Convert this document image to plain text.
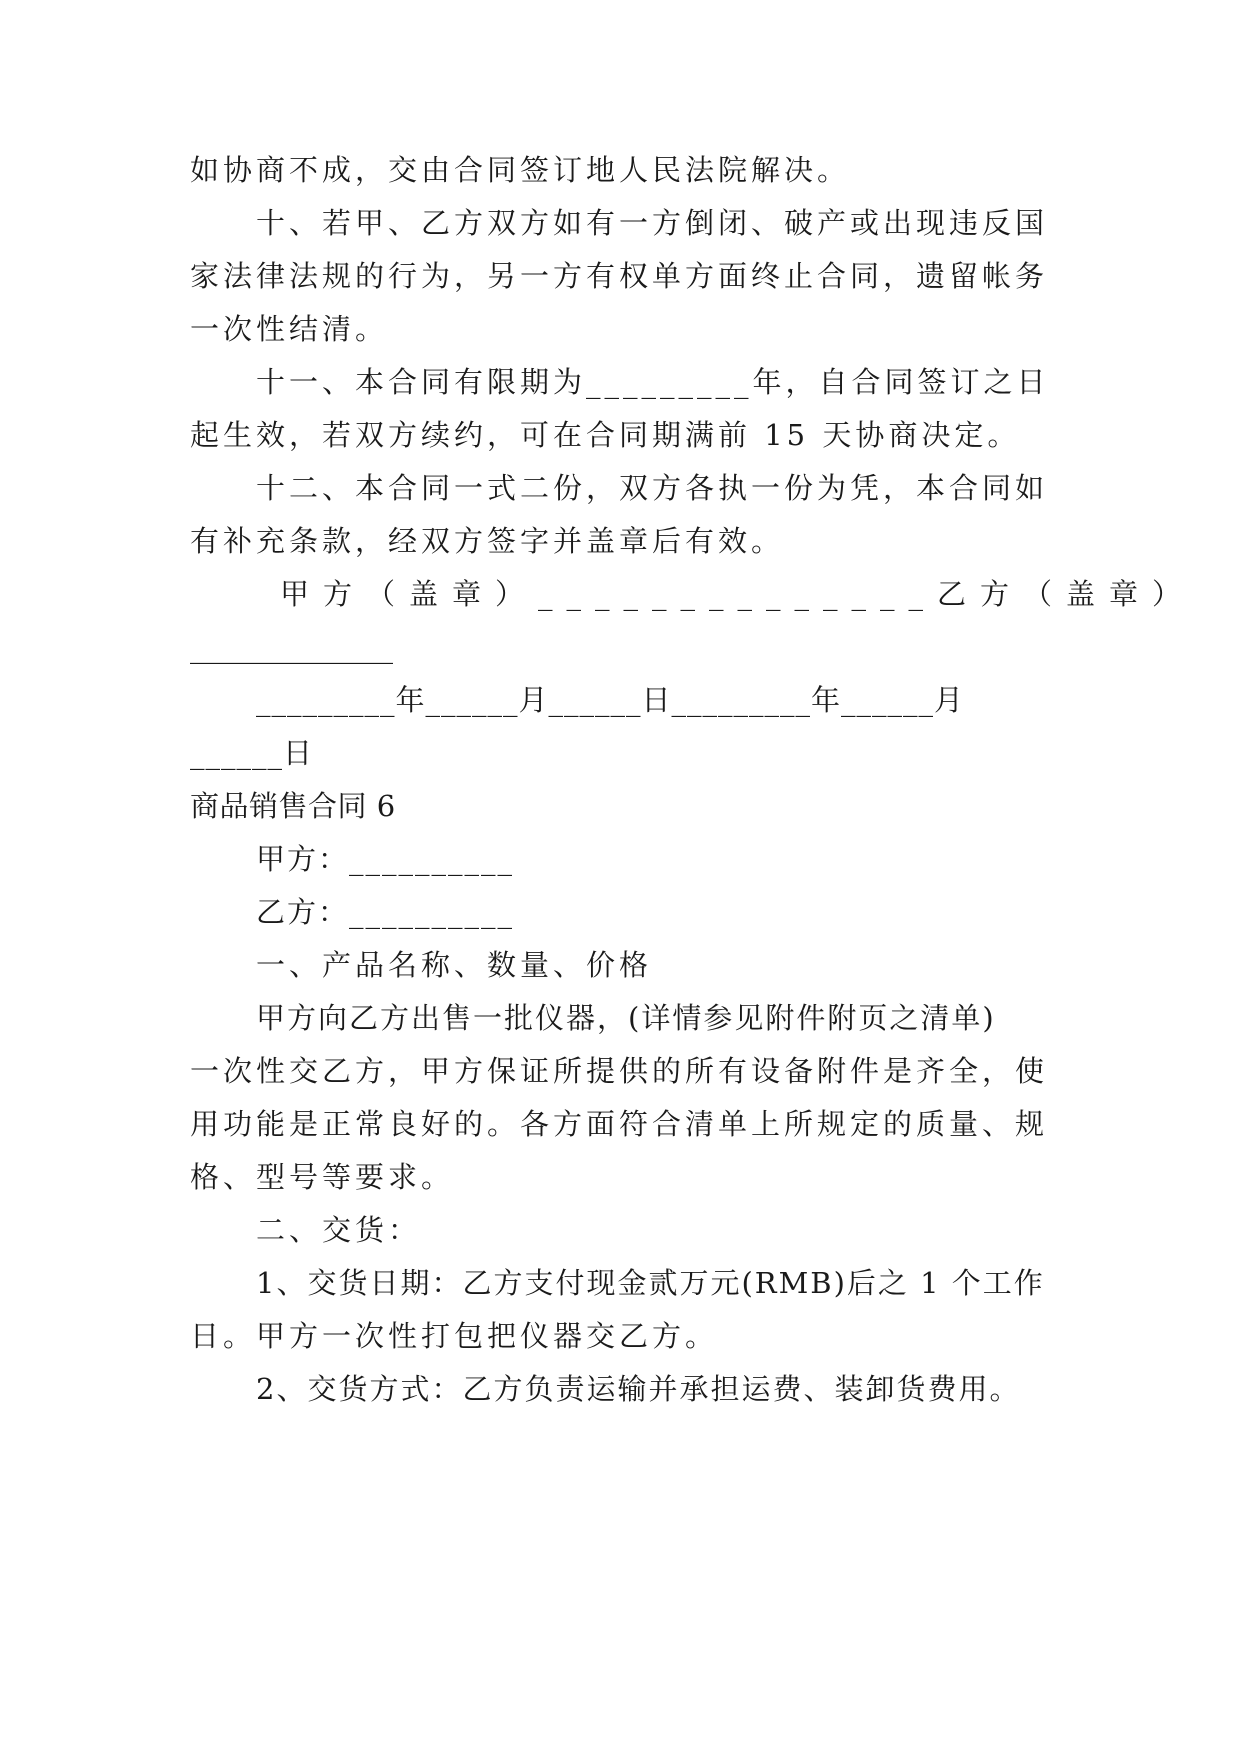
如协商不成，交由合同签订地人民法院解决。
十、若甲、乙方双方如有一方倒闭、破产或出现违反国
家法律法规的行为，另一方有权单方面终止合同，遗留帐务
一次性结清。
十一、本合同有限期为_________年，自合同签订之日
起生效，若双方续约，可在合同期满前 15 天协商决定。
十二、本合同一式二份，双方各执一份为凭，本合同如
有补充条款，经双方签字并盖章后有效。
甲方（盖章）______________乙方（盖章）
______________
_________年______月______日_________年______月
______日
商品销售合同 6
甲方：__________
乙方：__________
一、产品名称、数量、价格
甲方向乙方出售一批仪器，(详情参见附件附页之清单)
一次性交乙方，甲方保证所提供的所有设备附件是齐全，使
用功能是正常良好的。各方面符合清单上所规定的质量、规
格、型号等要求。
二、交货：
1、交货日期：乙方支付现金贰万元(RMB)后之 1 个工作
日。甲方一次性打包把仪器交乙方。
2、交货方式：乙方负责运输并承担运费、装卸货费用。
